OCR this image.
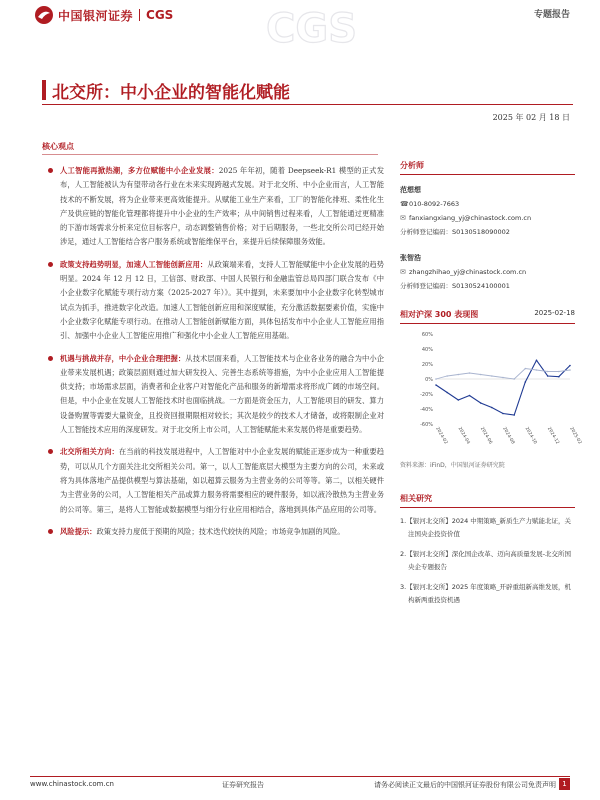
中国银河证券 CGS CGS	专题报告
北交所：中小企业的智能化赋能
2025 年 02 月 18 日
核心观点
人工智能再掀热潮，多方位赋能中小企业发展：2025 年年初，随着 Deepseek-R1 模型的正式发布，人工智能被认为有望带动各行业在未来实现跨越式发展。对于北交所、中小企业而言，人工智能技术的不断发展，将为企业带来更高效能提升。从赋能工业生产来看，工厂的智能化排班、柔性化生产及供应链的智能化管理都将提升中小企业的生产效率；从中间销售过程来看，人工智能通过更精准的下游市场需求分析来定位目标客户，动态调整销售价格；对于后期服务，一些北交所公司已经开始涉足，通过人工智能结合客户服务系统或智能维保平台，来提升后续保障服务效能。
政策支持趋势明显，加速人工智能创新应用：从政策端来看，支持人工智能赋能中小企业发展的趋势明显。2024 年 12 月 12 日，工信部、财政部、中国人民银行和金融监管总局四部门联合发布《中小企业数字化赋能专项行动方案（2025-2027 年）》。其中提到，未来要加中小企业数字化转型城市试点为抓手，推进数字化改造。加速人工智能创新应用和深度赋能，充分激活数据要素价值，实施中小企业数字化赋能专项行动。在推动人工智能创新赋能方面，具体包括发布中小企业人工智能应用指引、加强中小企业人工智能应用推广和强化中小企业人工智能应用基础。
机遇与挑战并存，中小企业合理把握：从技术层面来看，人工智能技术与企业各业务的融合为中小企业带来发展机遇；政策层面则通过加大研发投入、完善生态系统等措施，为中小企业应用人工智能提供支持；市场需求层面，消费者和企业客户对智能化产品和服务的新增需求将形成广阔的市场空间。但是，中小企业在发展人工智能技术时也面临挑战。一方面是资金压力，人工智能项目的研发、算力设备购置等需要大量资金，且投资回报期限相对较长；其次是较少的技术人才储备，或将限制企业对人工智能技术应用的深度研发。对于北交所上市公司，人工智能赋能未来发展仍将是重要趋势。
北交所相关方向：在当前的科技发展进程中，人工智能对中小企业发展的赋能正逐步成为一种重要趋势，可以从几个方面关注北交所相关公司。第一，以人工智能底层大模型为主要方向的公司，未来或将为具体落地产品提供模型与算法基础，如以超算云服务为主营业务的公司等等。第二，以相关硬件为主营业务的公司，人工智能相关产品或算力服务将需要相应的硬件服务，如以液冷散热为主营业务的公司等。第三，是将人工智能或数据模型与细分行业应用相结合，落地到具体产品应用的公司等。
风险提示：政策支持力度低于预期的风险；技术迭代较快的风险；市场竞争加剧的风险。
分析师
范想想
☎010-8092-7663
✉ fanxiangxiang_yj@chinastock.com.cn
分析师登记编码：S0130518090002
张智浩
✉ zhangzhihao_yj@chinastock.com.cn
分析师登记编码：S0130524100001
相对沪深 300 表现图	2025-02-18
-60%
-40%
-20%
0%
20%
40%
60%
2024-02 2024-04 2024-06 2024-08 2024-10 2024-12 2025-02
资料来源：iFinD，中国银河证券研究院
相关研究
1.【银河北交所】2024 中期策略_新质生产力赋能北证，关注国央企投资价值
2.【银河北交所】深化国企改革、迈向高质量发展-北交所国央企专题报告
3.【银河北交所】2025 年度策略_开辟重组新高维发展，机构新两重投资机遇
www.chinastock.com.cn	证券研究报告	请务必阅读正文最后的中国银河证券股份有限公司免责声明 1
